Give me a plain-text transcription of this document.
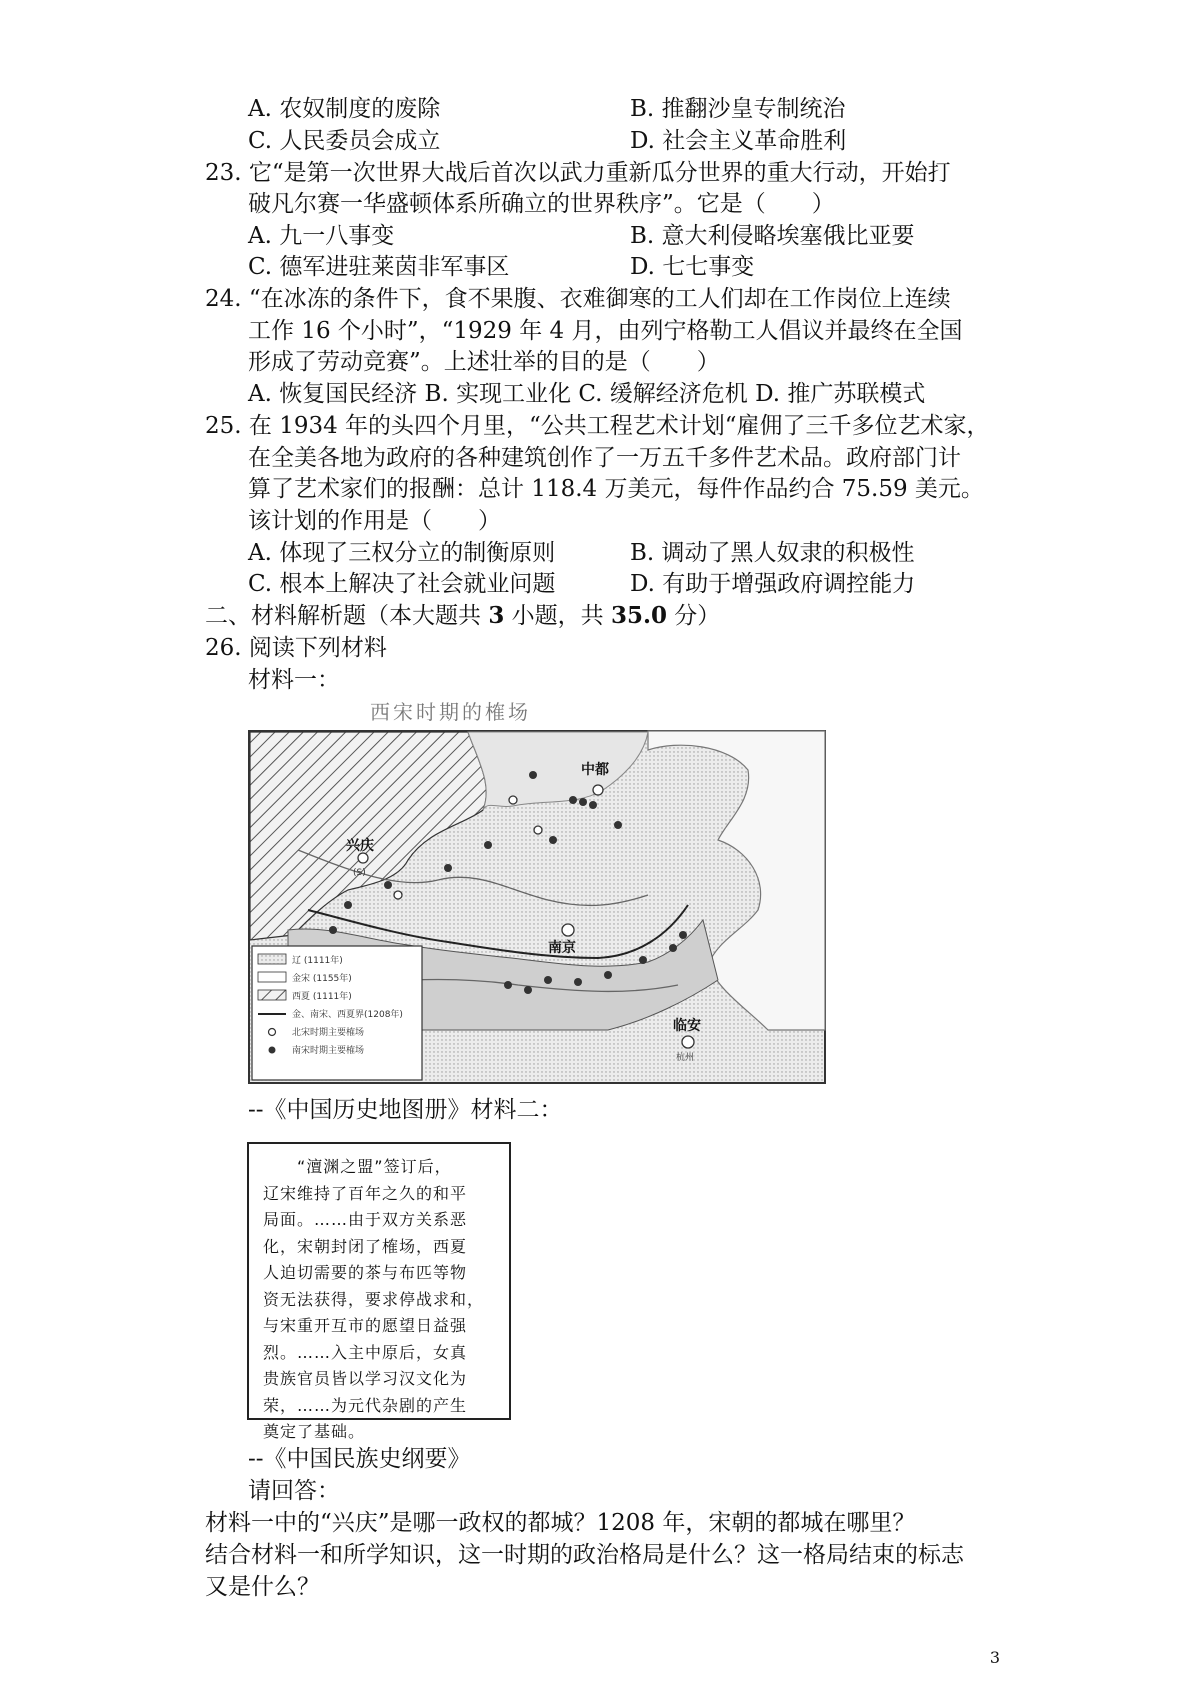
A. 农奴制度的废除	B. 推翻沙皇专制统治
C. 人民委员会成立	D. 社会主义革命胜利
23. 它“是第一次世界大战后首次以武力重新瓜分世界的重大行动，开始打
破凡尔赛一华盛顿体系所确立的世界秩序”。它是（　　）
A. 九一八事变	B. 意大利侵略埃塞俄比亚要
C. 德军进驻莱茵非军事区	D. 七七事变
24. “在冰冻的条件下，食不果腹、衣难御寒的工人们却在工作岗位上连续
工作 16 个小时”，“1929 年 4 月，由列宁格勒工人倡议并最终在全国
形成了劳动竞赛”。上述壮举的目的是（　　）
A. 恢复国民经济 B. 实现工业化 C. 缓解经济危机 D. 推广苏联模式
25. 在 1934 年的头四个月里，“公共工程艺术计划“雇佣了三千多位艺术家，
在全美各地为政府的各种建筑创作了一万五千多件艺术品。政府部门计
算了艺术家们的报酬：总计 118.4 万美元，每件作品约合 75.59 美元。
该计划的作用是（　　）
A. 体现了三权分立的制衡原则	B. 调动了黑人奴隶的积极性
C. 根本上解决了社会就业问题	D. 有助于增强政府调控能力
二、材料解析题（本大题共 3 小题，共 35.0 分）
26. 阅读下列材料
材料一：
西宋时期的榷场
中都
兴庆
(S)
南京
临安
杭州
辽 (1111年)
金宋 (1155年)
西夏 (1111年)
金、南宋、西夏界(1208年)
北宋时期主要榷场
南宋时期主要榷场
--《中国历史地图册》材料二：

　　“澶渊之盟”签订后，

辽宋维持了百年之久的和平

局面。……由于双方关系恶

化，宋朝封闭了榷场，西夏

人迫切需要的茶与布匹等物

资无法获得，要求停战求和，

与宋重开互市的愿望日益强

烈。……入主中原后，女真

贵族官员皆以学习汉文化为

荣，……为元代杂剧的产生

奠定了基础。

--《中国民族史纲要》
请回答：
材料一中的“兴庆”是哪一政权的都城？1208 年，宋朝的都城在哪里？
结合材料一和所学知识，这一时期的政治格局是什么？这一格局结束的标志
又是什么？
3
